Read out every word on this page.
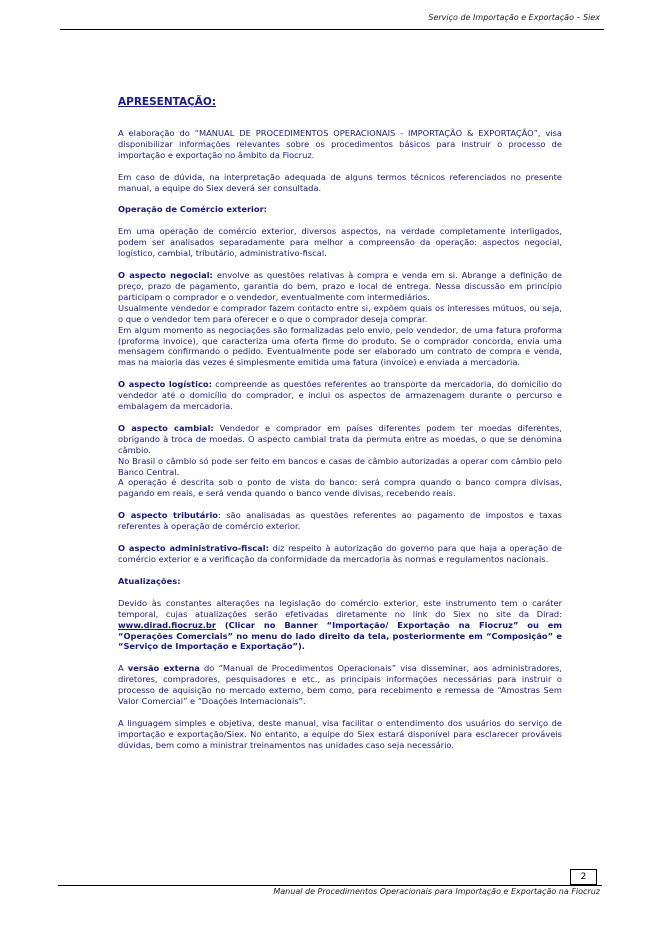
Serviço de Importação e Exportação – Siex
APRESENTAÇÃO:

A elaboração do “MANUAL DE PROCEDIMENTOS OPERACIONAIS - IMPORTAÇÃO & EXPORTAÇÃO”, visa disponibilizar informações relevantes sobre os procedimentos básicos para instruir o processo de importação e exportação no âmbito da Fiocruz.

Em caso de dúvida, na interpretação adequada de alguns termos técnicos referenciados no presente manual, a equipe do Siex deverá ser consultada.

Operação de Comércio exterior:

Em uma operação de comércio exterior, diversos aspectos, na verdade completamente interligados, podem ser analisados separadamente para melhor a compreensão da operação: aspectos negocial, logístico, cambial, tributário, administrativo-fiscal.

O aspecto negocial: envolve as questões relativas à compra e venda em si. Abrange a definição de preço, prazo de pagamento, garantia do bem, prazo e local de entrega. Nessa discussão em princípio participam o comprador e o vendedor, eventualmente com intermediários.
Usualmente vendedor e comprador fazem contacto entre si, expõem quais os interesses mútuos, ou seja, o que o vendedor tem para oferecer e o que o comprador deseja comprar.
Em algum momento as negociações são formalizadas pelo envio, pelo vendedor, de uma fatura proforma (proforma invoice), que caracteriza uma oferta firme do produto. Se o comprador concorda, envia uma mensagem confirmando o pedido. Eventualmente pode ser elaborado um contrato de compra e venda, mas na maioria das vezes é simplesmente emitida uma fatura (invoice) e enviada a mercadoria.

O aspecto logístico: compreende as questões referentes ao transporte da mercadoria, do domicílio do vendedor até o domicílio do comprador, e inclui os aspectos de armazenagem durante o percurso e embalagem da mercadoria.

O aspecto cambial: Vendedor e comprador em países diferentes podem ter moedas diferentes, obrigando à troca de moedas. O aspecto cambial trata da permuta entre as moedas, o que se denomina câmbio.
No Brasil o câmbio só pode ser feito em bancos e casas de câmbio autorizadas a operar com câmbio pelo Banco Central.
A operação é descrita sob o ponto de vista do banco: será compra quando o banco compra divisas, pagando em reais, e será venda quando o banco vende divisas, recebendo reais.

O aspecto tributário: são analisadas as questões referentes ao pagamento de impostos e taxas referentes à operação de comércio exterior.

O aspecto administrativo-fiscal: diz respeito à autorização do governo para que haja a operação de comércio exterior e a verificação da conformidade da mercadoria às normas e regulamentos nacionais.

Atualizações:

Devido às constantes alterações na legislação do comércio exterior, este instrumento tem o caráter temporal, cujas atualizações serão efetivadas diretamente no link do Siex no site da Dirad: www.dirad.fiocruz.br (Clicar no Banner “Importação/ Exportação na Fiocruz” ou em “Operações Comerciais” no menu do lado direito da tela, posteriormente em “Composição” e “Serviço de Importação e Exportação”).

A versão externa do “Manual de Procedimentos Operacionais” visa disseminar, aos administradores, diretores, compradores, pesquisadores e etc., as principais informações necessárias para instruir o processo de aquisição no mercado externo, bem como, para recebimento e remessa de “Amostras Sem Valor Comercial” e “Doações Internacionais”.

A linguagem simples e objetiva, deste manual, visa facilitar o entendimento dos usuários do serviço de importação e exportação/Siex. No entanto, a equipe do Siex estará disponível para esclarecer prováveis dúvidas, bem como a ministrar treinamentos nas unidades caso seja necessário.

2
Manual de Procedimentos Operacionais para Importação e Exportação na Fiocruz
